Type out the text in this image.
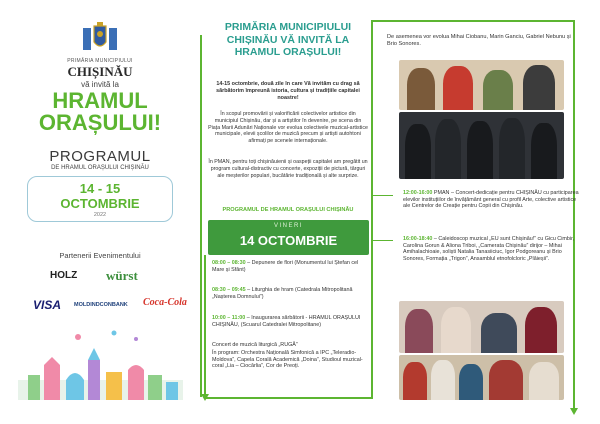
PRIMĂRIA MUNICIPIULUI
CHIȘINĂU
vă invită la
HRAMUL
ORAȘULUI!
PROGRAMUL
DE HRAMUL ORAȘULUI CHIȘINĂU
14 - 15
OCTOMBRIE
2022
Partenerii Evenimentului
HOLZ würst
VISA MOLDINDCONBANK Coca-Cola
PRIMĂRIA MUNICIPIULUI CHIȘINĂU VĂ INVITĂ LA HRAMUL ORAȘULUI!
14-15 octombrie, două zile în care Vă invităm cu drag să sărbătorim împreună istoria, cultura și tradițiile capitalei noastre!
În scopul promovării și valorificării colectivelor artistice din municipiul Chișinău, dar și a artiștilor în devenire, pe scena din Piața Marii Adunări Naționale vor evolua colectivele muzical-artistice municipale, elevii școlilor de muzică precum și artiști autohtoni afirmați pe scenele internaționale.
În PMAN, pentru toți chișinăuienii și oaspeții capitalei am pregătit un program cultural-distractiv cu concerte, expoziții de pictură, târguri ale meșterilor populari, bucătărie tradițională și alte surprize.
PROGRAMUL DE HRAMUL ORAȘULUI CHIȘINĂU
VINERI
14 OCTOMBRIE
08:00 – 08:30 – Depunere de flori (Monumentul lui Ștefan cel Mare și Sfânt)
08:30 – 09:45 – Liturghia de hram (Catedrala Mitropolitană „Nașterea Domnului”)
10:00 – 11:00 – Inaugurarea sărbătorii - HRAMUL ORAȘULUI CHIȘINĂU, (Scuarul Catedralei Mitropolitane)
Concert de muzică liturgică „RUGĂ”
În program: Orchestra Națională Simfonică a IPC „Teleradio-Moldova”, Capela Corală Academică „Doina”, Studioul muzical-coral „Lia – Ciocârlia”, Cor de Preoți.
De asemenea vor evolua Mihai Ciobanu, Marin Ganciu, Gabriel Nebunu și Brio Sonores.
12:00-16:00 PMAN – Concert-dedicație pentru CHIȘINĂU cu participarea elevilor instituțiilor de învățământ general cu profil Arte, colective artistice ale Centrelor de Creație pentru Copii din Chișinău.
16:00-18:40 – Caleidoscop muzical „EU sunt Chișinău!” cu Gicu Cimbir, Carolina Gorun & Aliona Triboi, „Camerata Chișinău” dirijor – Mihai Amihalachioaie, soliști Natalia Tanasiiciuc, Igor Podgoreanu și Brio Sonores, Formația „Trigon”, Ansamblul etnofolcloric „Plăieșii”.
